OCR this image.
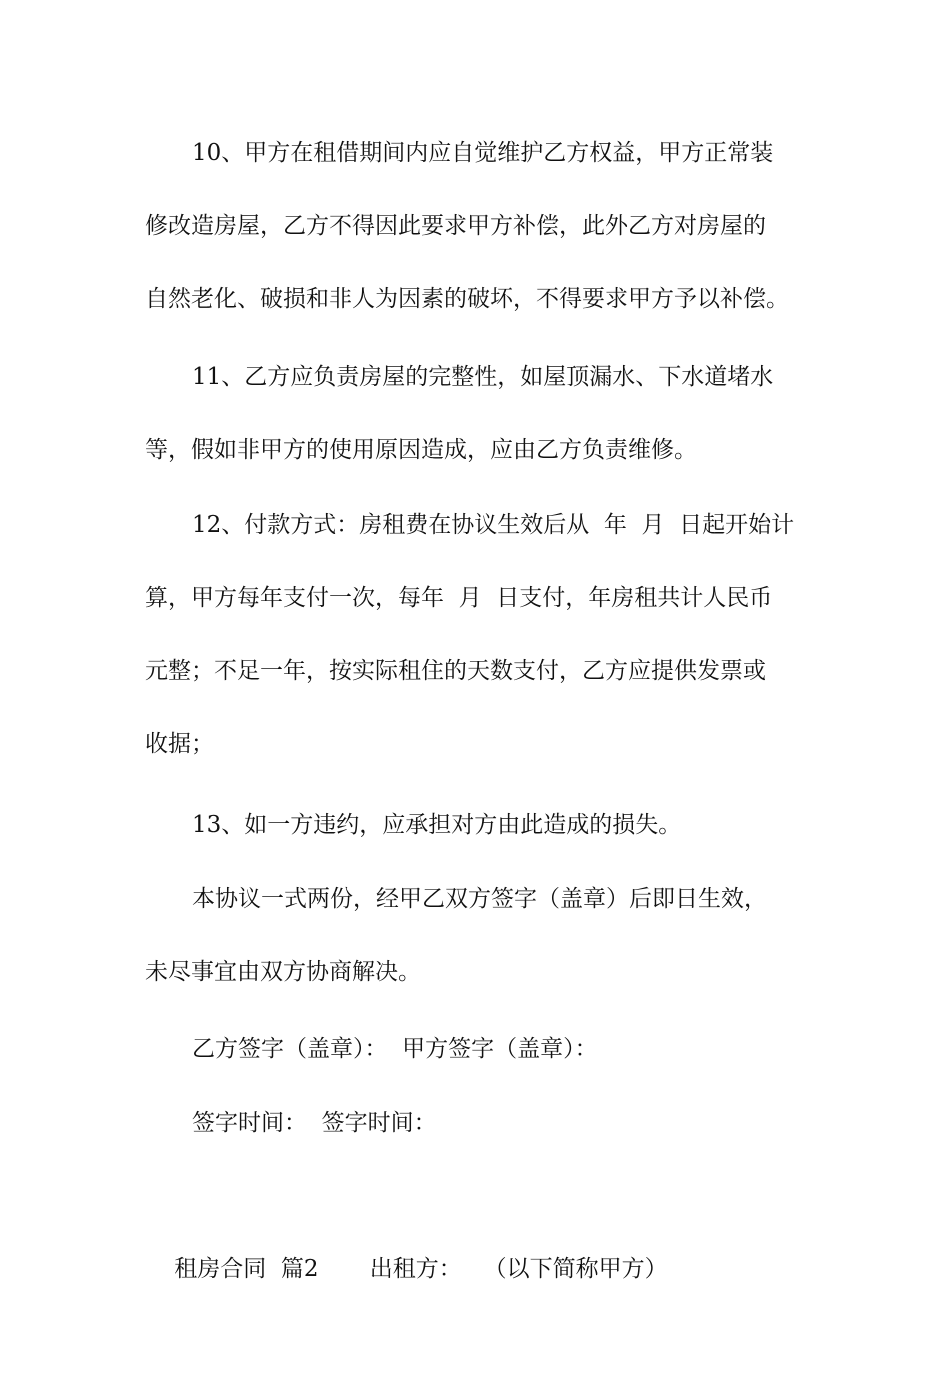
10、甲方在租借期间内应自觉维护乙方权益，甲方正常装
修改造房屋，乙方不得因此要求甲方补偿，此外乙方对房屋的
自然老化、破损和非人为因素的破坏，不得要求甲方予以补偿。

11、乙方应负责房屋的完整性，如屋顶漏水、下水道堵水
等，假如非甲方的使用原因造成，应由乙方负责维修。

12、付款方式：房租费在协议生效后从  年  月  日起开始计
算，甲方每年支付一次，每年  月  日支付，年房租共计人民币
元整；不足一年，按实际租住的天数支付，乙方应提供发票或
收据；

13、如一方违约，应承担对方由此造成的损失。

本协议一式两份，经甲乙双方签字（盖章）后即日生效，
未尽事宜由双方协商解决。

乙方签字（盖章）：  甲方签字（盖章）：

签字时间：  签字时间：

租房合同 篇2 出租方： （以下简称甲方）
